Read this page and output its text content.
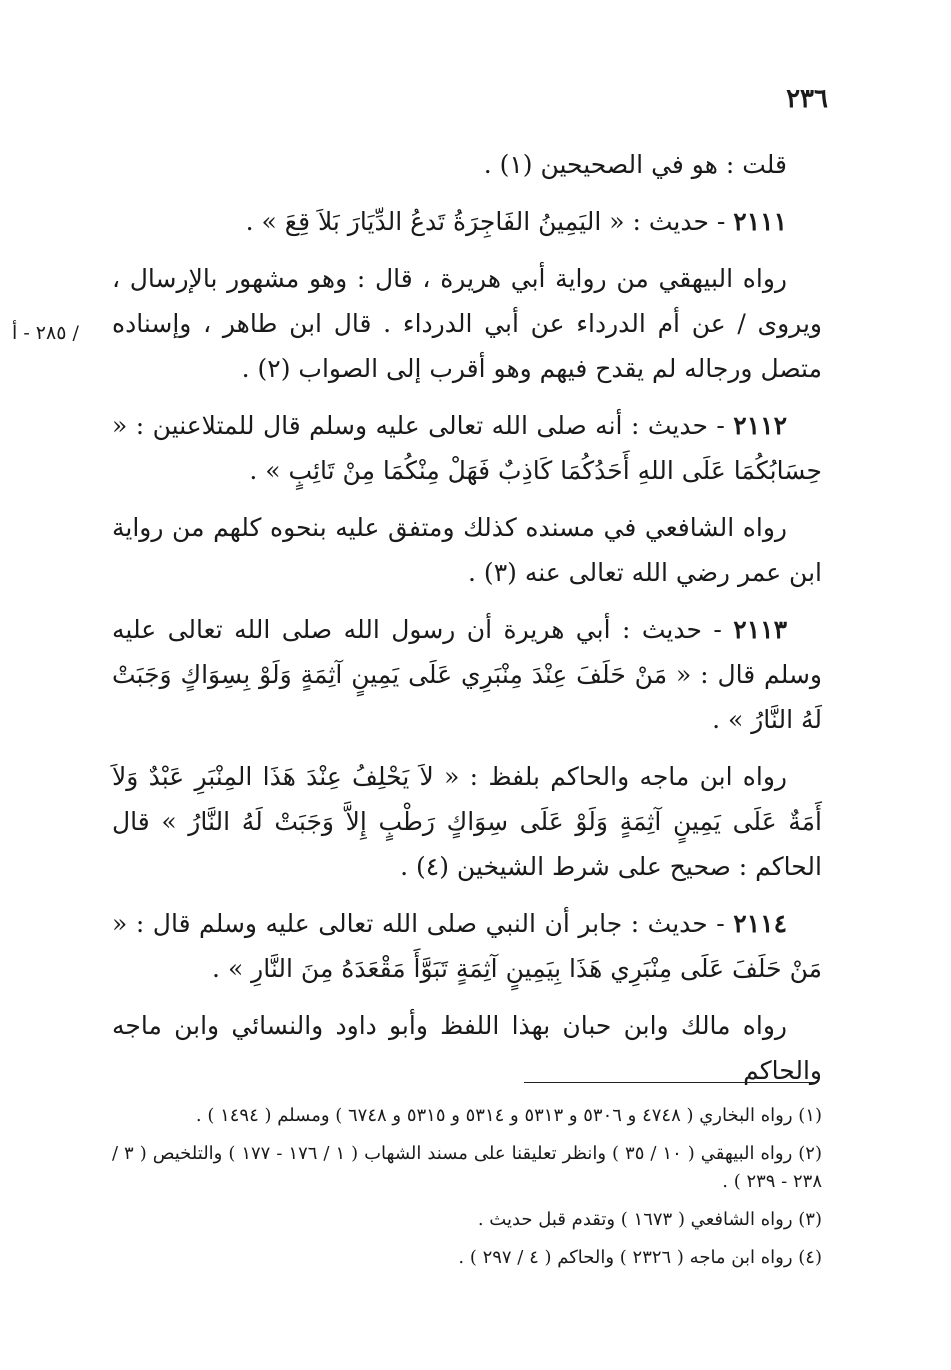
٢٣٦
/ ٢٨٥ - أ

قلت : هو في الصحيحين (١) .

٢١١١ - حديث : « اليَمِينُ الفَاجِرَةُ تَدعُ الدِّيَارَ بَلاَ قِعَ » .

رواه البيهقي من رواية أبي هريرة ، قال : وهو مشهور بالإرسال ، ويروى / عن أم الدرداء عن أبي الدرداء . قال ابن طاهر ، وإسناده متصل ورجاله لم يقدح فيهم وهو أقرب إلى الصواب (٢) .

٢١١٢ - حديث : أنه صلى الله تعالى عليه وسلم قال للمتلاعنين : « حِسَابُكُمَا عَلَى اللهِ أَحَدُكُمَا كَاذِبٌ فَهَلْ مِنْكُمَا مِنْ تَائِبٍ » .

رواه الشافعي في مسنده كذلك ومتفق عليه بنحوه كلهم من رواية ابن عمر رضي الله تعالى عنه (٣) .

٢١١٣ - حديث : أبي هريرة أن رسول الله صلى الله تعالى عليه وسلم قال : « مَنْ حَلَفَ عِنْدَ مِنْبَرِي عَلَى يَمِينٍ آثِمَةٍ وَلَوْ بِسِوَاكٍ وَجَبَتْ لَهُ النَّارُ » .

رواه ابن ماجه والحاكم بلفظ : « لاَ يَحْلِفُ عِنْدَ هَذَا المِنْبَرِ عَبْدٌ وَلاَ أَمَةٌ عَلَى يَمِينٍ آثِمَةٍ وَلَوْ عَلَى سِوَاكٍ رَطْبٍ إِلاَّ وَجَبَتْ لَهُ النَّارُ » قال الحاكم : صحيح على شرط الشيخين (٤) .

٢١١٤ - حديث : جابر أن النبي صلى الله تعالى عليه وسلم قال : « مَنْ حَلَفَ عَلَى مِنْبَرِي هَذَا بِيَمِينٍ آثِمَةٍ تَبَوَّأَ مَقْعَدَهُ مِنَ النَّارِ » .

رواه مالك وابن حبان بهذا اللفظ وأبو داود والنسائي وابن ماجه والحاكم

(١) رواه البخاري ( ٤٧٤٨ و ٥٣٠٦ و ٥٣١٣ و ٥٣١٤ و ٥٣١٥ و ٦٧٤٨ ) ومسلم ( ١٤٩٤ ) .

(٢) رواه البيهقي ( ١٠ / ٣٥ ) وانظر تعليقنا على مسند الشهاب ( ١ / ١٧٦ - ١٧٧ ) والتلخيص ( ٣ / ٢٣٨ - ٢٣٩ ) .

(٣) رواه الشافعي ( ١٦٧٣ ) وتقدم قبل حديث .

(٤) رواه ابن ماجه ( ٢٣٢٦ ) والحاكم ( ٤ / ٢٩٧ ) .
